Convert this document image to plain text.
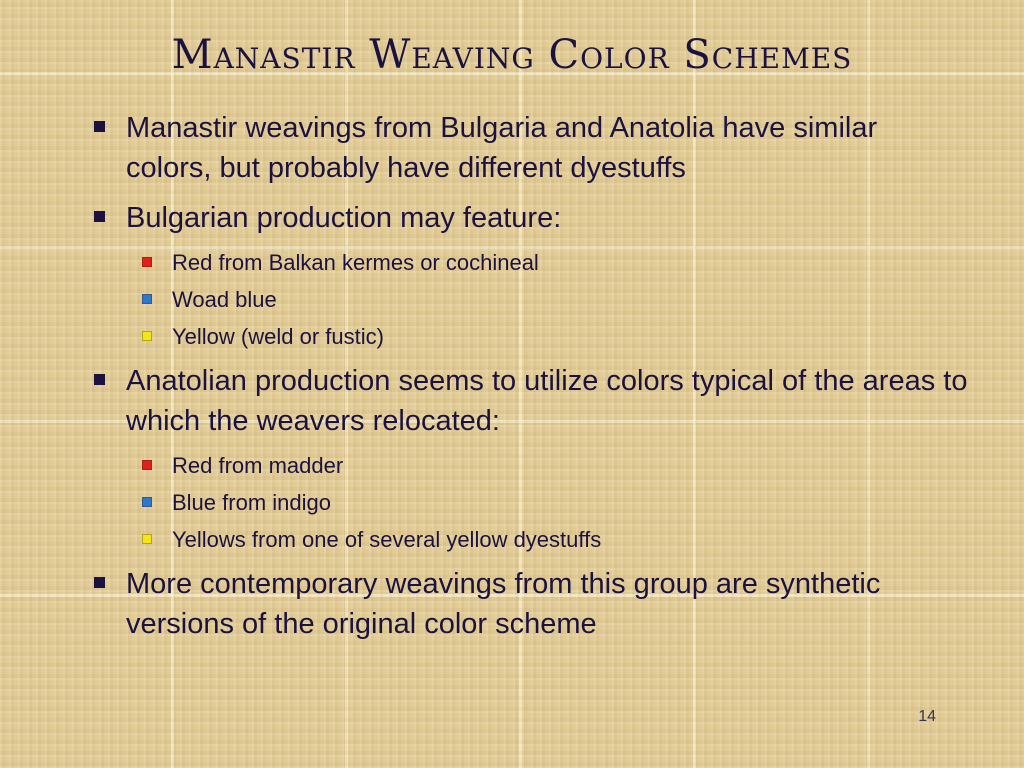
Manastir Weaving Color Schemes
Manastir weavings from Bulgaria and Anatolia have similar colors, but probably have different dyestuffs
Bulgarian production may feature:
Red from Balkan kermes or cochineal
Woad blue
Yellow (weld or fustic)
Anatolian production seems to utilize colors typical of the areas to which the weavers relocated:
Red from madder
Blue from indigo
Yellows from one of several yellow dyestuffs
More contemporary weavings from this group are synthetic versions of the original color scheme
14
